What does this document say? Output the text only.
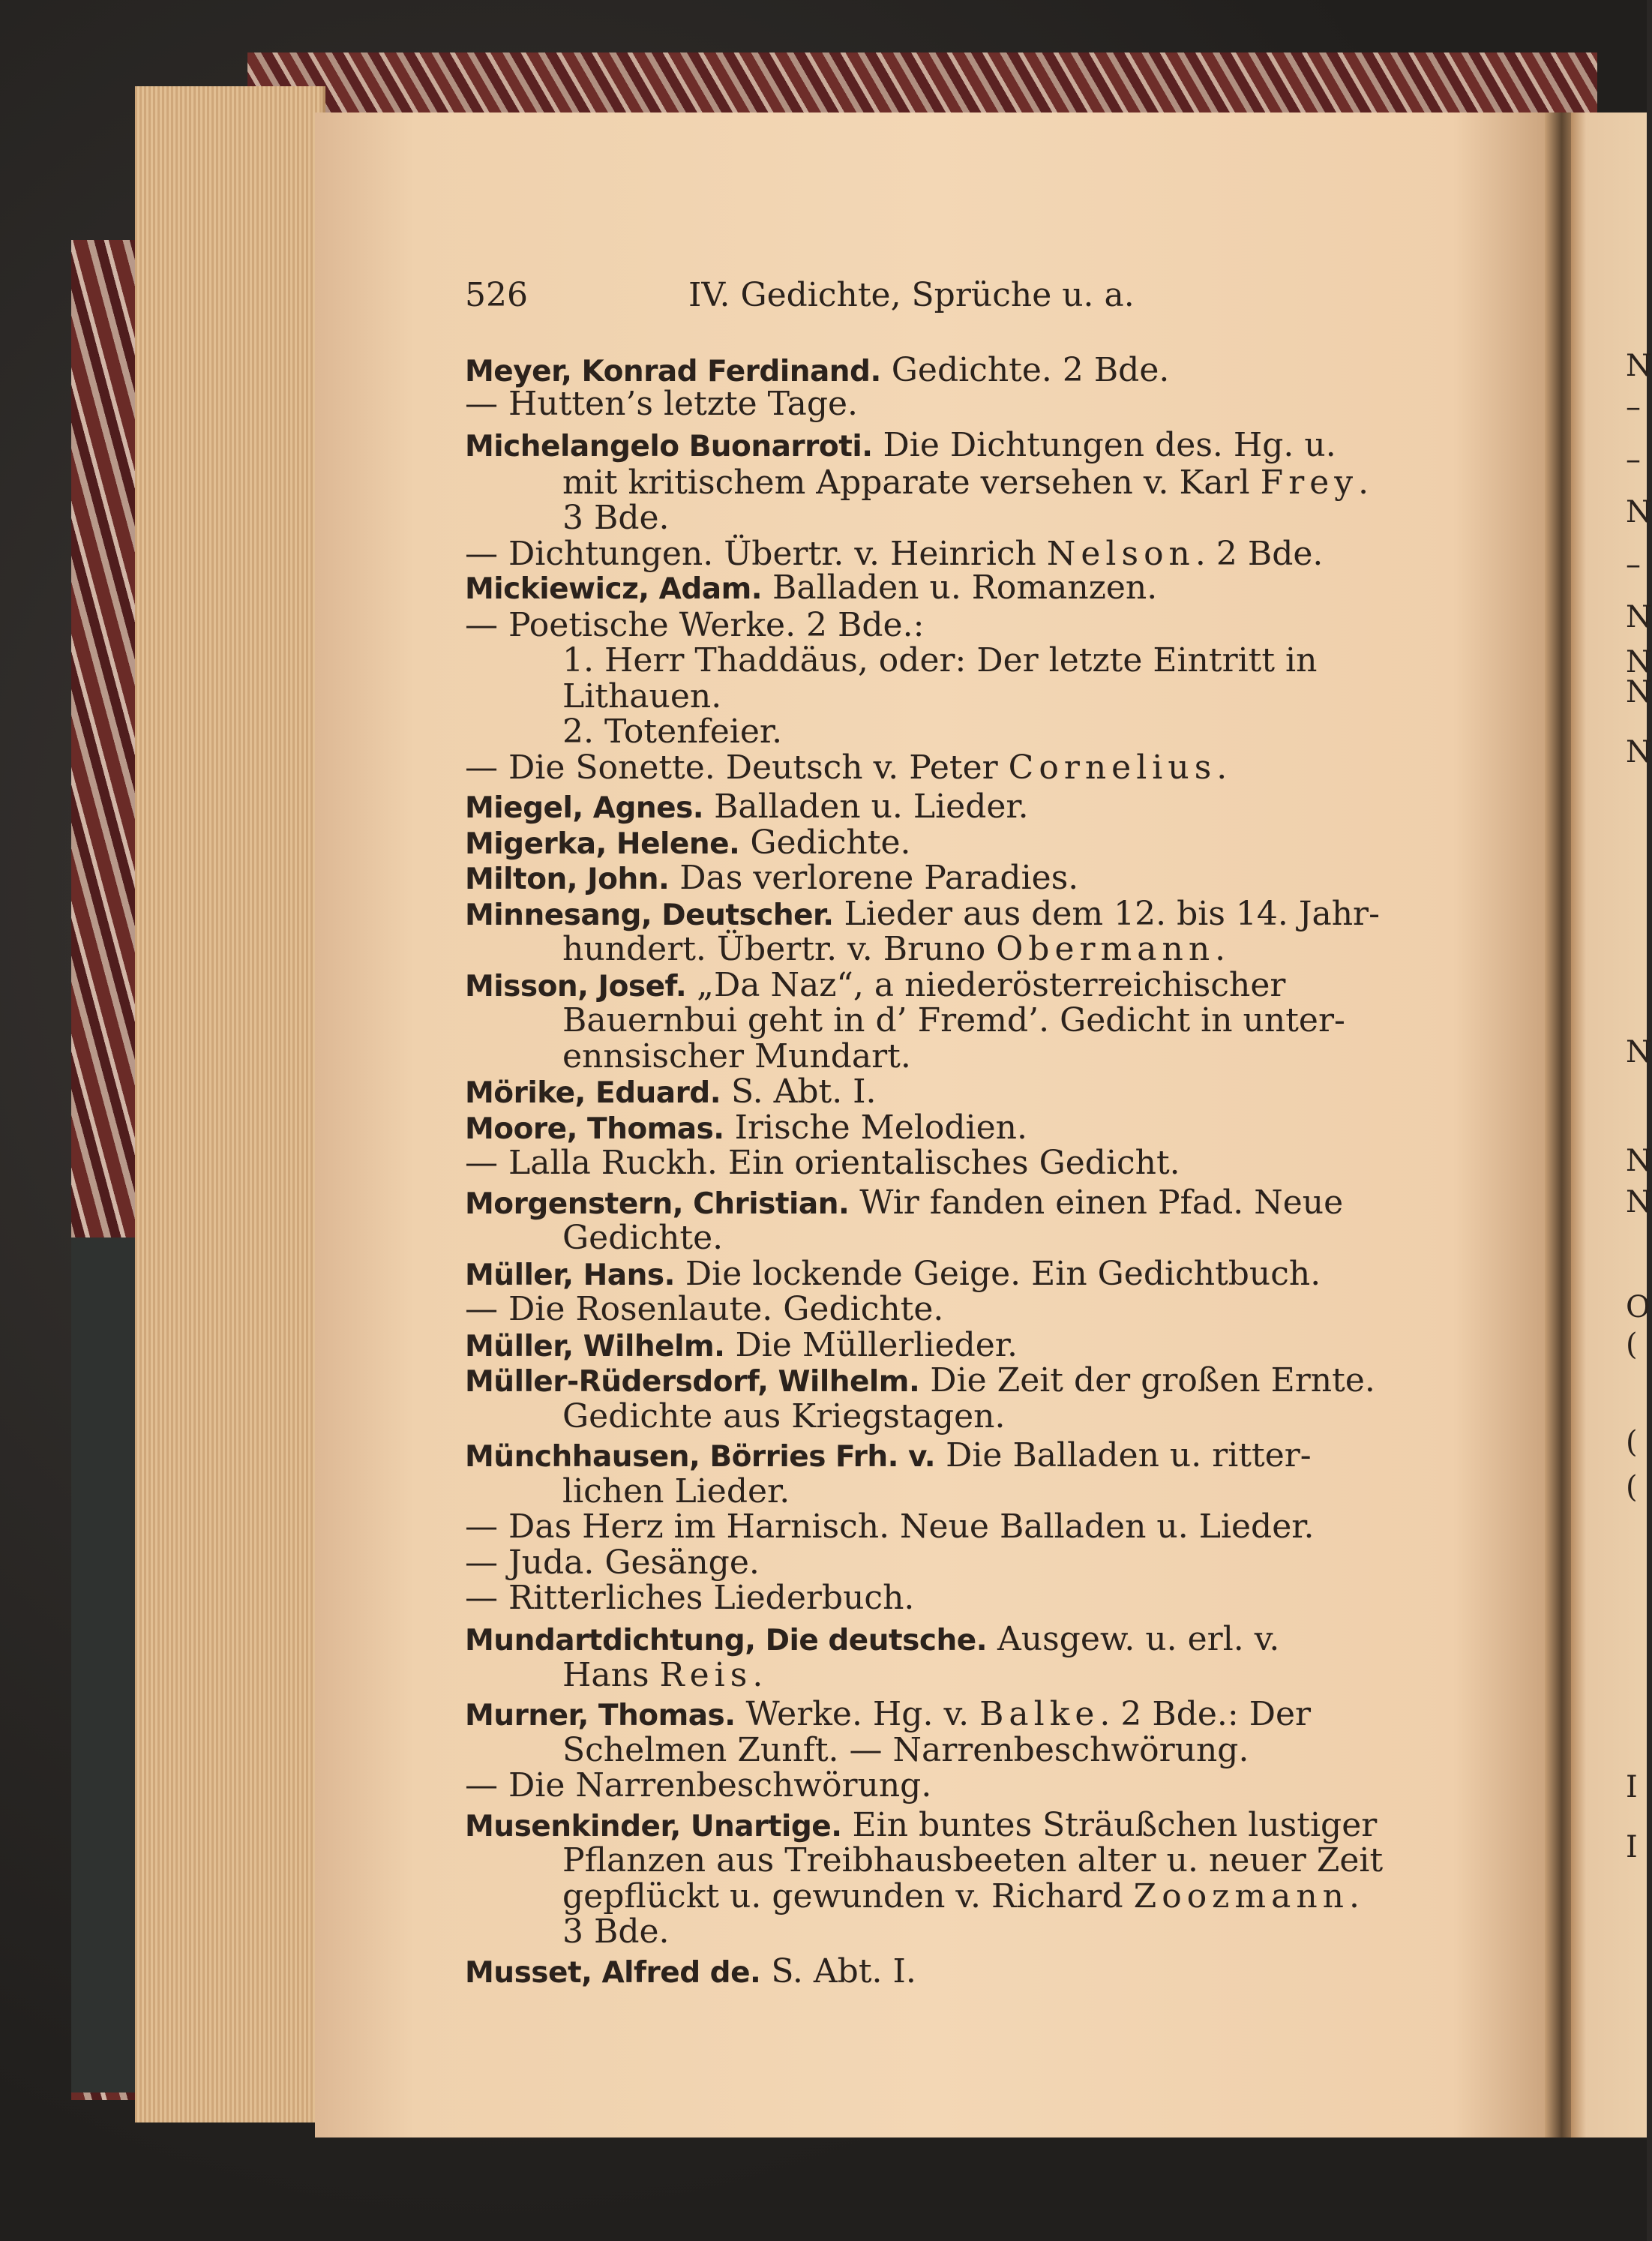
526	IV. Gedichte, Sprüche u. a.
Meyer, Konrad Ferdinand. Gedichte. 2 Bde.
— Hutten’s letzte Tage.
Michelangelo Buonarroti. Die Dichtungen des. Hg. u.
mit kritischem Apparate versehen v. Karl Frey.
3 Bde.
— Dichtungen. Übertr. v. Heinrich Nelson. 2 Bde.
Mickiewicz, Adam. Balladen u. Romanzen.
— Poetische Werke. 2 Bde.:
1. Herr Thaddäus, oder: Der letzte Eintritt in
Lithauen.
2. Totenfeier.
— Die Sonette. Deutsch v. Peter Cornelius.
Miegel, Agnes. Balladen u. Lieder.
Migerka, Helene. Gedichte.
Milton, John. Das verlorene Paradies.
Minnesang, Deutscher. Lieder aus dem 12. bis 14. Jahr-
hundert. Übertr. v. Bruno Obermann.
Misson, Josef. „Da Naz“, a niederösterreichischer
Bauernbui geht in d’ Fremd’. Gedicht in unter-
ennsischer Mundart.
Mörike, Eduard. S. Abt. I.
Moore, Thomas. Irische Melodien.
— Lalla Ruckh. Ein orientalisches Gedicht.
Morgenstern, Christian. Wir fanden einen Pfad. Neue
Gedichte.
Müller, Hans. Die lockende Geige. Ein Gedichtbuch.
— Die Rosenlaute. Gedichte.
Müller, Wilhelm. Die Müllerlieder.
Müller-Rüdersdorf, Wilhelm. Die Zeit der großen Ernte.
Gedichte aus Kriegstagen.
Münchhausen, Börries Frh. v. Die Balladen u. ritter-
lichen Lieder.
— Das Herz im Harnisch. Neue Balladen u. Lieder.
— Juda. Gesänge.
— Ritterliches Liederbuch.
Mundartdichtung, Die deutsche. Ausgew. u. erl. v.
Hans Reis.
Murner, Thomas. Werke. Hg. v. Balke. 2 Bde.: Der
Schelmen Zunft. — Narrenbeschwörung.
— Die Narrenbeschwörung.
Musenkinder, Unartige. Ein buntes Sträußchen lustiger
Pflanzen aus Treibhausbeeten alter u. neuer Zeit
gepflückt u. gewunden v. Richard Zoozmann.
3 Bde.
Musset, Alfred de. S. Abt. I.
N
–
–
N
–
N
N
N
N
N
N
N
O
(
(
(
I
I
